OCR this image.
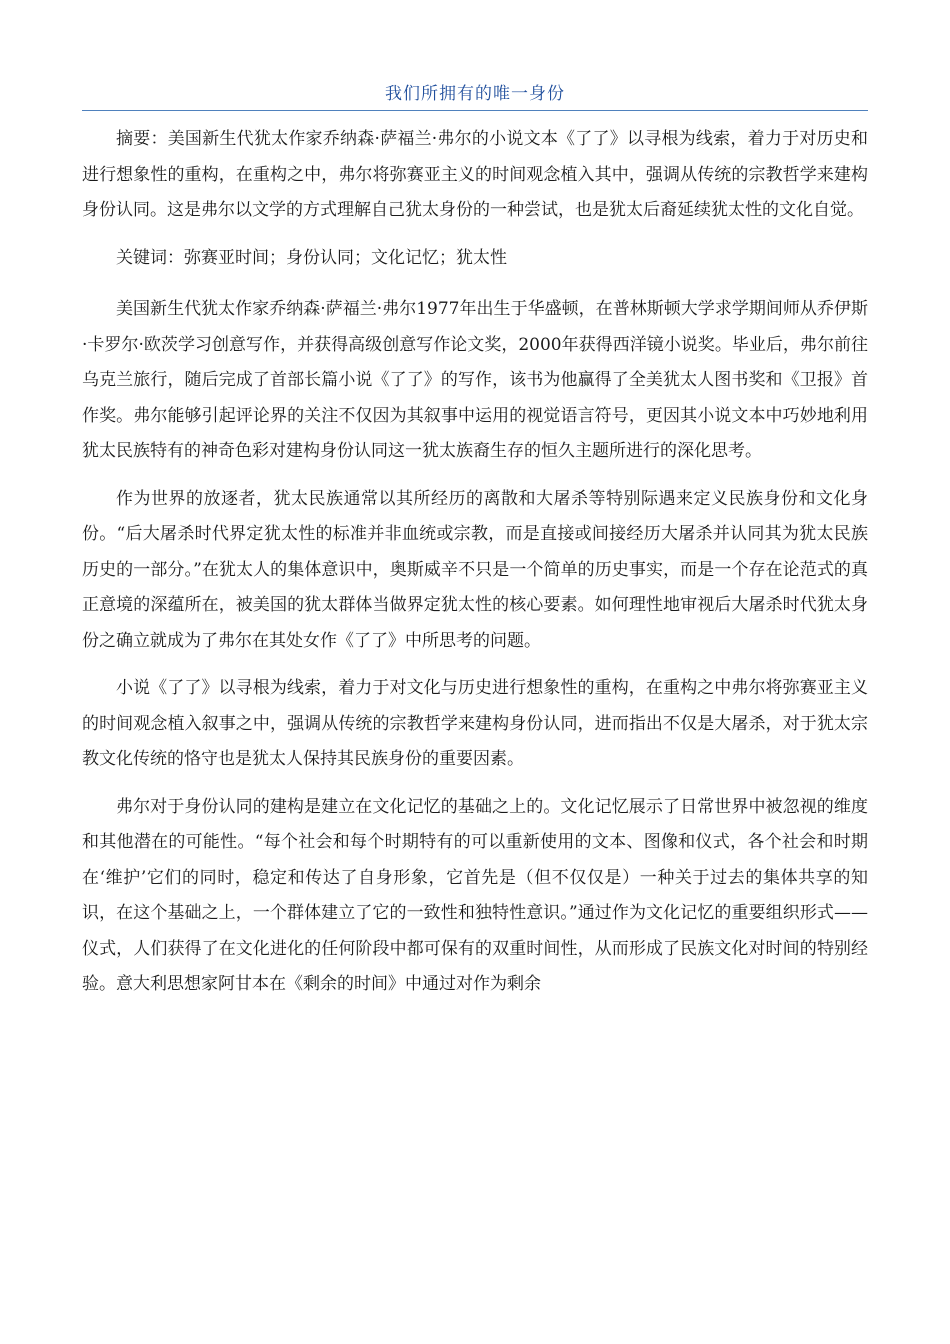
我们所拥有的唯一身份

摘要：美国新生代犹太作家乔纳森·萨福兰·弗尔的小说文本《了了》以寻根为线索，着力于对历史和进行想象性的重构，在重构之中，弗尔将弥赛亚主义的时间观念植入其中，强调从传统的宗教哲学来建构身份认同。这是弗尔以文学的方式理解自己犹太身份的一种尝试，也是犹太后裔延续犹太性的文化自觉。

关键词：弥赛亚时间；身份认同；文化记忆；犹太性

美国新生代犹太作家乔纳森·萨福兰·弗尔1977年出生于华盛顿，在普林斯顿大学求学期间师从乔伊斯·卡罗尔·欧茨学习创意写作，并获得高级创意写作论文奖，2000年获得西洋镜小说奖。毕业后，弗尔前往乌克兰旅行，随后完成了首部长篇小说《了了》的写作，该书为他赢得了全美犹太人图书奖和《卫报》首作奖。弗尔能够引起评论界的关注不仅因为其叙事中运用的视觉语言符号，更因其小说文本中巧妙地利用犹太民族特有的神奇色彩对建构身份认同这一犹太族裔生存的恒久主题所进行的深化思考。

作为世界的放逐者，犹太民族通常以其所经历的离散和大屠杀等特别际遇来定义民族身份和文化身份。“后大屠杀时代界定犹太性的标准并非血统或宗教，而是直接或间接经历大屠杀并认同其为犹太民族历史的一部分。”在犹太人的集体意识中，奥斯威辛不只是一个简单的历史事实，而是一个存在论范式的真正意境的深蕴所在，被美国的犹太群体当做界定犹太性的核心要素。如何理性地审视后大屠杀时代犹太身份之确立就成为了弗尔在其处女作《了了》中所思考的问题。

小说《了了》以寻根为线索，着力于对文化与历史进行想象性的重构，在重构之中弗尔将弥赛亚主义的时间观念植入叙事之中，强调从传统的宗教哲学来建构身份认同，进而指出不仅是大屠杀，对于犹太宗教文化传统的恪守也是犹太人保持其民族身份的重要因素。

弗尔对于身份认同的建构是建立在文化记忆的基础之上的。文化记忆展示了日常世界中被忽视的维度和其他潜在的可能性。“每个社会和每个时期特有的可以重新使用的文本、图像和仪式，各个社会和时期在‘维护’它们的同时，稳定和传达了自身形象，它首先是（但不仅仅是）一种关于过去的集体共享的知识，在这个基础之上，一个群体建立了它的一致性和独特性意识。”通过作为文化记忆的重要组织形式——仪式，人们获得了在文化进化的任何阶段中都可保有的双重时间性，从而形成了民族文化对时间的特别经验。意大利思想家阿甘本在《剩余的时间》中通过对作为剩余
